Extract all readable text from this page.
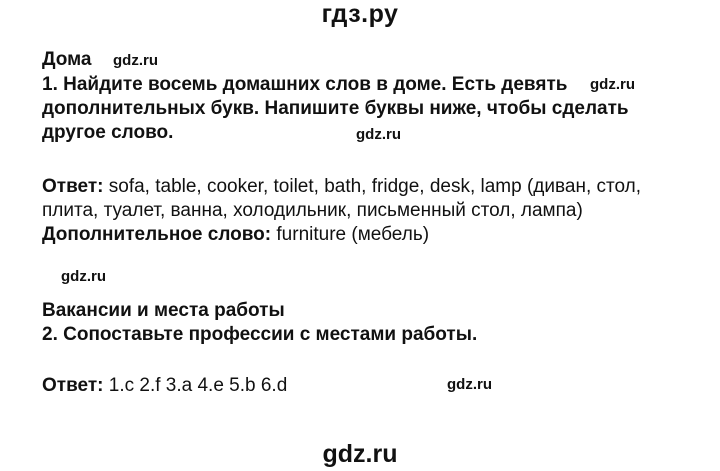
гдз.ру
Дома gdz.ru
1. Найдите восемь домашних слов в доме. Есть девять gdz.ru
дополнительных букв. Напишите буквы ниже, чтобы сделать
другое слово.	gdz.ru
Ответ: sofa, table, cooker, toilet, bath, fridge, desk, lamp (диван, стол,
плита, туалет, ванна, холодильник, письменный стол, лампа)
Дополнительное слово: furniture (мебель)
gdz.ru
Вакансии и места работы
2. Сопоставьте профессии с местами работы.
Ответ: 1.c 2.f 3.a 4.e 5.b 6.d	gdz.ru
gdz.ru
